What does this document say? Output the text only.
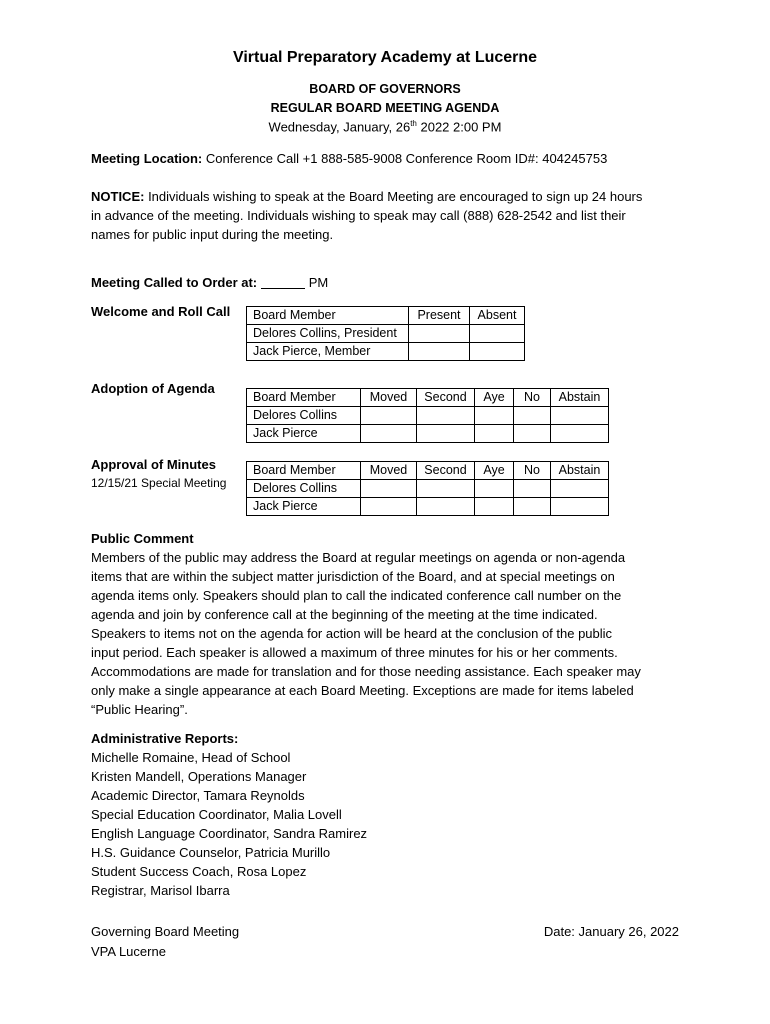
Virtual Preparatory Academy at Lucerne
BOARD OF GOVERNORS
REGULAR BOARD MEETING AGENDA
Wednesday, January, 26th 2022 2:00 PM
Meeting Location: Conference Call +1 888-585-9008 Conference Room ID#: 404245753
NOTICE: Individuals wishing to speak at the Board Meeting are encouraged to sign up 24 hours
in advance of the meeting. Individuals wishing to speak may call (888) 628-2542 and list their
names for public input during the meeting.
Meeting Called to Order at:	PM
Welcome and Roll Call Board Member	Present	Absent
Delores Collins, President		
Jack Pierce, Member		
Adoption of Agenda
Board Member	Moved	Second	Aye	No	Abstain
Delores Collins					
Jack Pierce					
Approval of Minutes
12/15/21 Special Meeting
Board Member	Moved	Second	Aye	No	Abstain
Delores Collins					
Jack Pierce					
Public Comment
Members of the public may address the Board at regular meetings on agenda or non-agenda
items that are within the subject matter jurisdiction of the Board, and at special meetings on
agenda items only. Speakers should plan to call the indicated conference call number on the
agenda and join by conference call at the beginning of the meeting at the time indicated.
Speakers to items not on the agenda for action will be heard at the conclusion of the public
input period. Each speaker is allowed a maximum of three minutes for his or her comments.
Accommodations are made for translation and for those needing assistance. Each speaker may
only make a single appearance at each Board Meeting. Exceptions are made for items labeled
“Public Hearing”.
Administrative Reports:
Michelle Romaine, Head of School
Kristen Mandell, Operations Manager
Academic Director, Tamara Reynolds
Special Education Coordinator, Malia Lovell
English Language Coordinator, Sandra Ramirez
H.S. Guidance Counselor, Patricia Murillo
Student Success Coach, Rosa Lopez
Registrar, Marisol Ibarra
Governing Board Meeting
VPA Lucerne
Date: January 26, 2022
